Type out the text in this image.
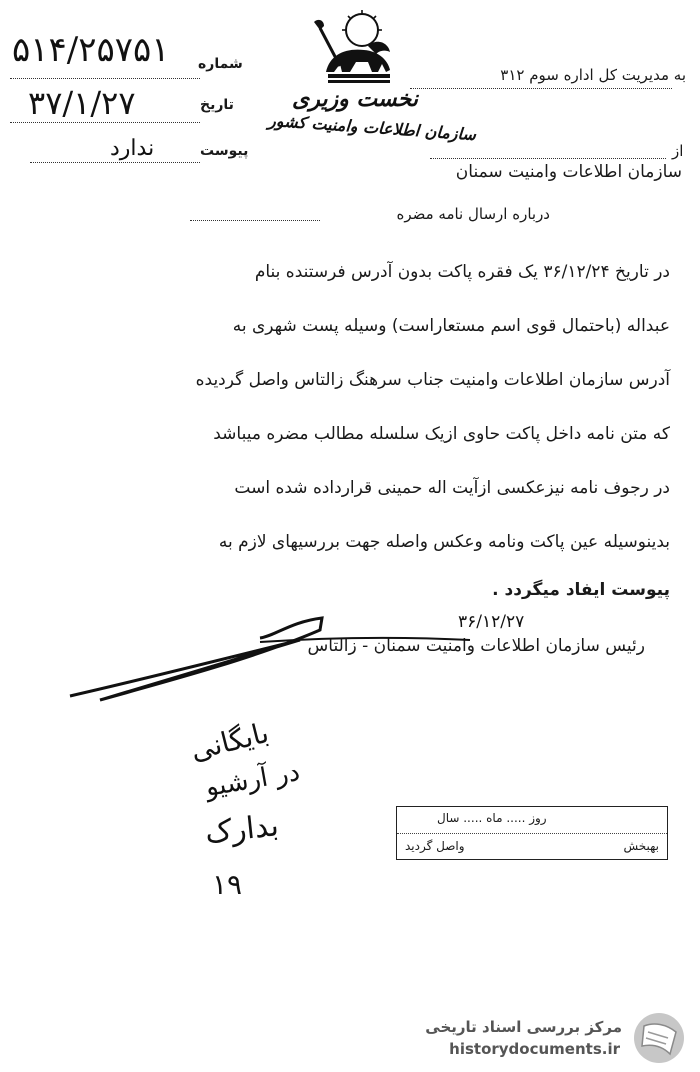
۵۱۴/۲۵۷۵۱ شماره
۳۷/۱/۲۷	تاریخ
ندارد	پیوست
نخست وزیری
سازمان اطلاعات وامنیت کشور
به مدیریت کل اداره سوم ۳۱۲
از
سازمان اطلاعات وامنیت سمنان
درباره ارسال نامه مضره
در تاریخ ۳۶/۱۲/۲۴ یک فقره پاکت بدون آدرس فرستنده بنام
عبداله (باحتمال قوی اسم مستعاراست) وسیله پست شهری به
آدرس سازمان اطلاعات وامنیت جناب سرهنگ زالتاس واصل گردیده
که متن نامه داخل پاکت حاوی ازیک سلسله مطالب مضره میباشد
در رجوف نامه نیزعکسی ازآیت اله حمینی قرارداده شده است
بدینوسیله عین پاکت ونامه وعکس واصله جهت بررسیهای لازم به
پیوست ایفاد میگردد .
۳۶/۱۲/۲۷
رئیس سازمان اطلاعات وامنیت سمنان - زالتاس
بایگانی
در آرشیو
بدارک
۱۹
روز ..... ماه ..... سال
واصل گردید	بهبخش
مرکز بررسی اسناد تاریخی
historydocuments.ir
